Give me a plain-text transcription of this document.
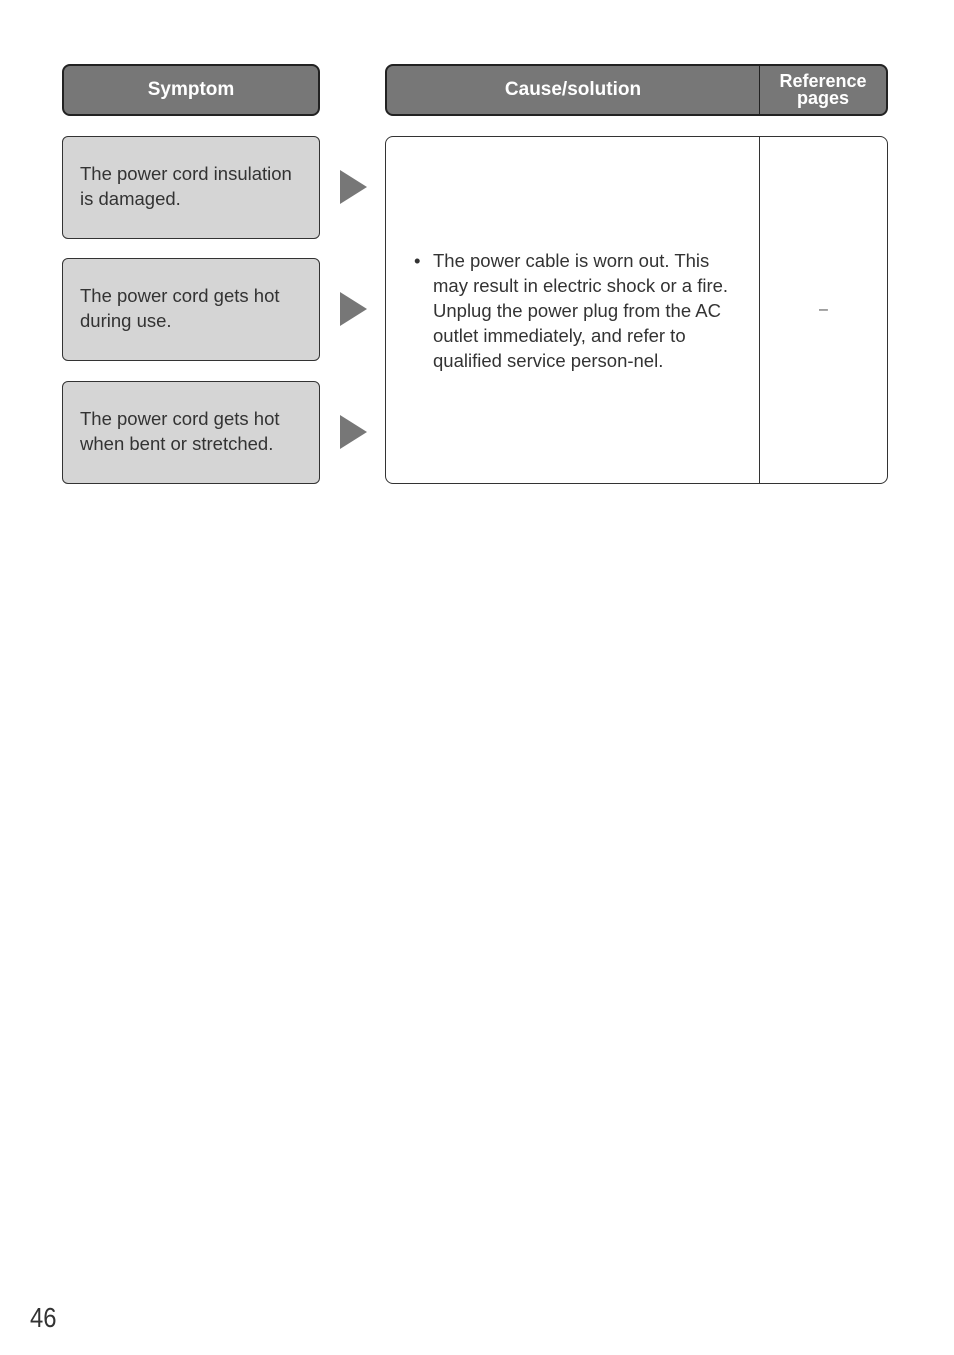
Symptom	Cause/solution	Reference
pages
The power cord insulation is damaged.
The power cord gets hot during use.
The power cord gets hot when bent or stretched.
• The power cable is worn out. This may result in electric shock or a fire. Unplug the power plug from the AC outlet immediately, and refer to qualified service person-nel.
–
46
